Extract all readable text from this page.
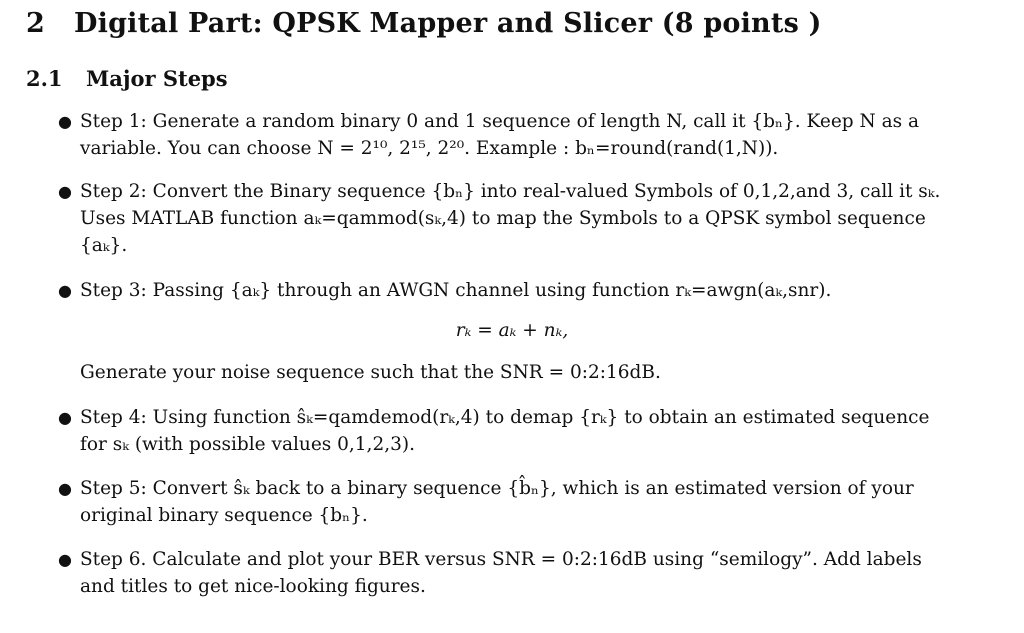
2 Digital Part: QPSK Mapper and Slicer (8 points )
2.1 Major Steps
● Step 1: Generate a random binary 0 and 1 sequence of length N, call it {bₙ}. Keep N as a
variable. You can choose N = 2¹⁰, 2¹⁵, 2²⁰. Example : bₙ=round(rand(1,N)).
● Step 2: Convert the Binary sequence {bₙ} into real-valued Symbols of 0,1,2,and 3, call it sₖ.
Uses MATLAB function aₖ=qammod(sₖ,4) to map the Symbols to a QPSK symbol sequence
{aₖ}.
● Step 3: Passing {aₖ} through an AWGN channel using function rₖ=awgn(aₖ,snr).
rₖ = aₖ + nₖ,
Generate your noise sequence such that the SNR = 0:2:16dB.
● Step 4: Using function ŝₖ=qamdemod(rₖ,4) to demap {rₖ} to obtain an estimated sequence
for sₖ (with possible values 0,1,2,3).
● Step 5: Convert ŝₖ back to a binary sequence {b̂ₙ}, which is an estimated version of your
original binary sequence {bₙ}.
● Step 6. Calculate and plot your BER versus SNR = 0:2:16dB using “semilogy”. Add labels
and titles to get nice-looking figures.
